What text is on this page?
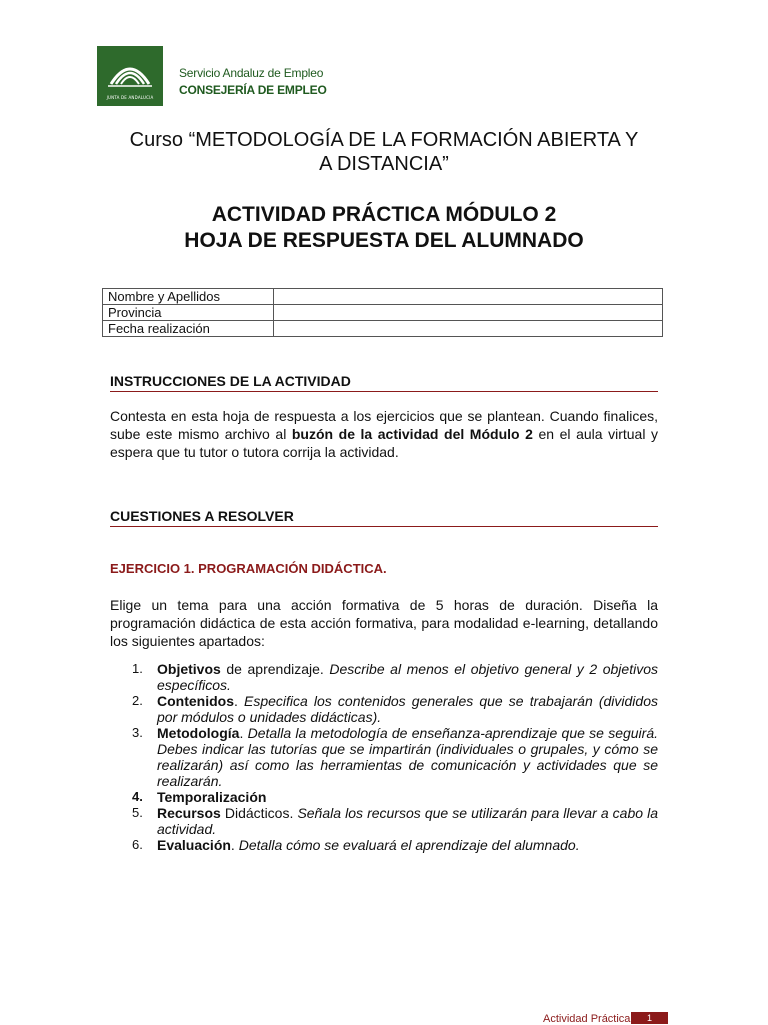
JUNTA DE ANDALUCIA
Servicio Andaluz de Empleo
CONSEJERÍA DE EMPLEO
Curso “METODOLOGÍA DE LA FORMACIÓN ABIERTA Y
A DISTANCIA”
ACTIVIDAD PRÁCTICA MÓDULO 2
HOJA DE RESPUESTA DEL ALUMNADO
Nombre y Apellidos	
Provincia	
Fecha realización	
INSTRUCCIONES DE LA ACTIVIDAD
Contesta en esta hoja de respuesta a los ejercicios que se plantean. Cuando finalices, sube este mismo archivo al buzón de la actividad del Módulo 2 en el aula virtual y espera que tu tutor o tutora corrija la actividad.
CUESTIONES A RESOLVER
EJERCICIO 1. PROGRAMACIÓN DIDÁCTICA.
Elige un tema para una acción formativa de 5 horas de duración. Diseña la programación didáctica de esta acción formativa, para modalidad e-learning, detallando los siguientes apartados:
1. Objetivos de aprendizaje. Describe al menos el objetivo general y 2 objetivos específicos.
2. Contenidos. Especifica los contenidos generales que se trabajarán (divididos por módulos o unidades didácticas).
3. Metodología. Detalla la metodología de enseñanza-aprendizaje que se seguirá. Debes indicar las tutorías que se impartirán (individuales o grupales, y cómo se realizarán) así como las herramientas de comunicación y actividades que se realizarán.
4. Temporalización
5. Recursos Didácticos. Señala los recursos que se utilizarán para llevar a cabo la actividad.
6. Evaluación. Detalla cómo se evaluará el aprendizaje del alumnado.
Actividad Práctica	1
